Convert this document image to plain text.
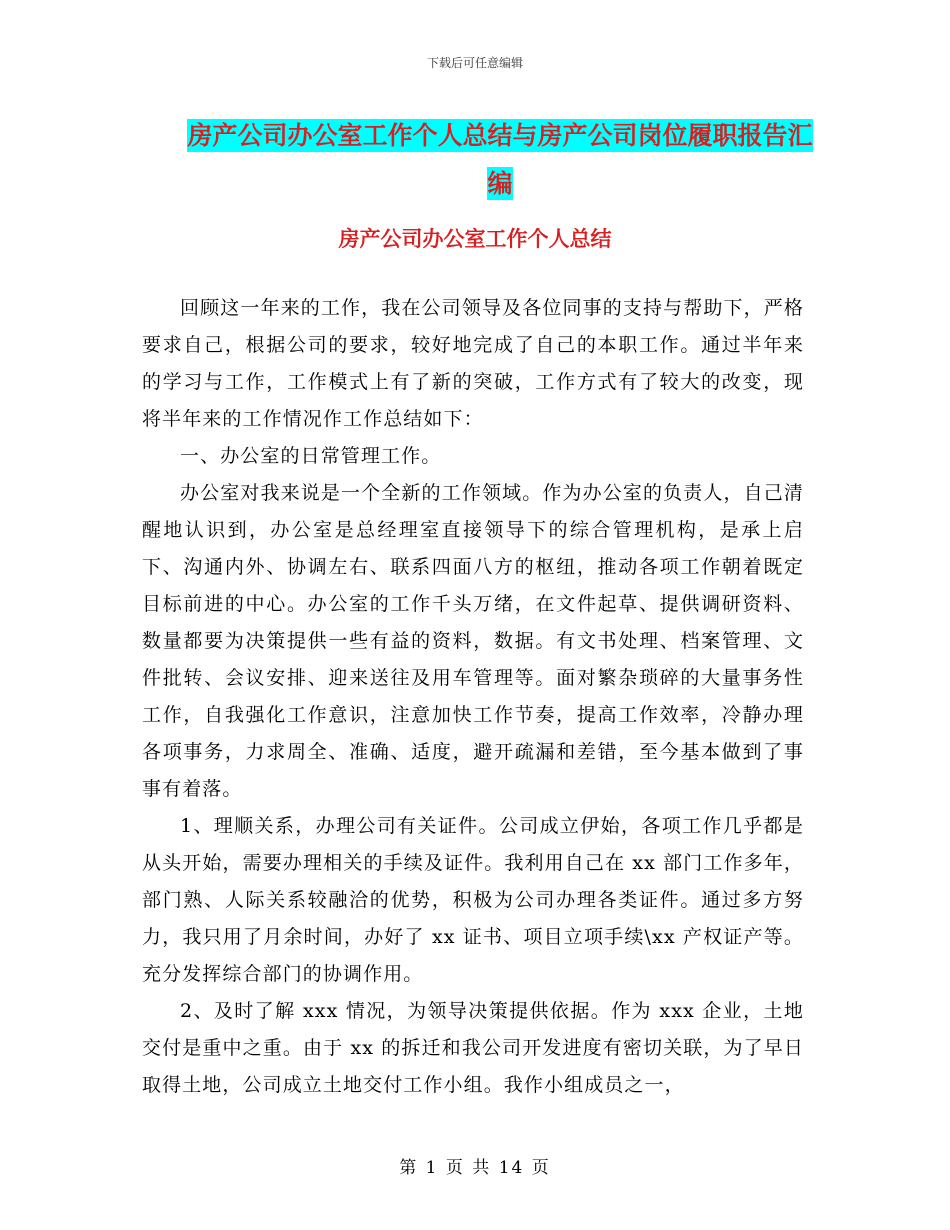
下载后可任意编辑
房产公司办公室工作个人总结与房产公司岗位履职报告汇编
房产公司办公室工作个人总结

回顾这一年来的工作，我在公司领导及各位同事的支持与帮助下，严格要求自己，根据公司的要求，较好地完成了自己的本职工作。通过半年来的学习与工作，工作模式上有了新的突破，工作方式有了较大的改变，现将半年来的工作情况作工作总结如下：

一、办公室的日常管理工作。

办公室对我来说是一个全新的工作领域。作为办公室的负责人，自己清醒地认识到，办公室是总经理室直接领导下的综合管理机构，是承上启下、沟通内外、协调左右、联系四面八方的枢纽，推动各项工作朝着既定目标前进的中心。办公室的工作千头万绪，在文件起草、提供调研资料、数量都要为决策提供一些有益的资料，数据。有文书处理、档案管理、文件批转、会议安排、迎来送往及用车管理等。面对繁杂琐碎的大量事务性工作，自我强化工作意识，注意加快工作节奏，提高工作效率，冷静办理各项事务，力求周全、准确、适度，避开疏漏和差错，至今基本做到了事事有着落。

1、理顺关系，办理公司有关证件。公司成立伊始，各项工作几乎都是从头开始，需要办理相关的手续及证件。我利用自己在 xx 部门工作多年，部门熟、人际关系较融洽的优势，积极为公司办理各类证件。通过多方努力，我只用了月余时间，办好了 xx 证书、项目立项手续\xx 产权证产等。充分发挥综合部门的协调作用。

2、及时了解 xxx 情况，为领导决策提供依据。作为 xxx 企业，土地交付是重中之重。由于 xx 的拆迁和我公司开发进度有密切关联，为了早日取得土地，公司成立土地交付工作小组。我作小组成员之一，

第 1 页 共 14 页
